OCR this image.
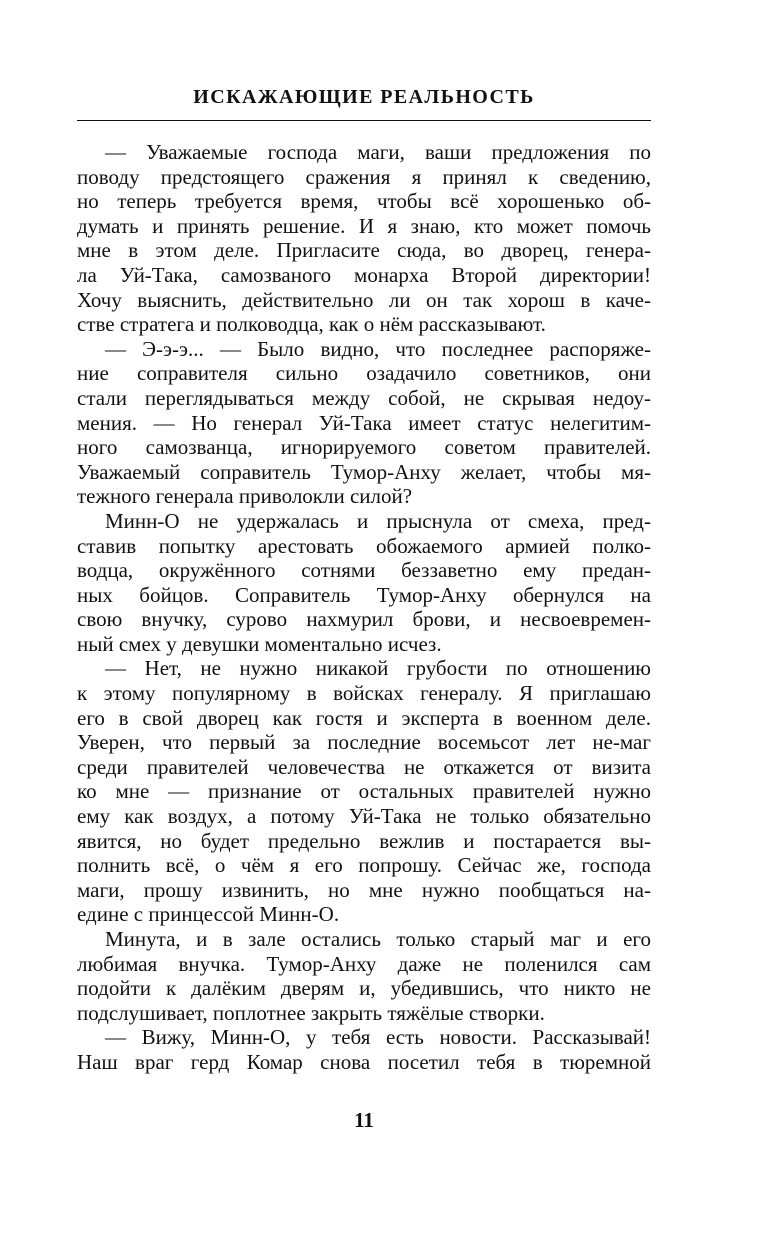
ИСКАЖАЮЩИЕ РЕАЛЬНОСТЬ
— Уважаемые господа маги, ваши предложения по
поводу предстоящего сражения я принял к сведению,
но теперь требуется время, чтобы всё хорошенько об-
думать и принять решение. И я знаю, кто может помочь
мне в этом деле. Пригласите сюда, во дворец, генера-
ла Уй-Така, самозваного монарха Второй директории!
Хочу выяснить, действительно ли он так хорош в каче-
стве стратега и полководца, как о нём рассказывают.
— Э-э-э... — Было видно, что последнее распоряже-
ние соправителя сильно озадачило советников, они
стали переглядываться между собой, не скрывая недоу-
мения. — Но генерал Уй-Така имеет статус нелегитим-
ного самозванца, игнорируемого советом правителей.
Уважаемый соправитель Тумор-Анху желает, чтобы мя-
тежного генерала приволокли силой?
Минн-О не удержалась и прыснула от смеха, пред-
ставив попытку арестовать обожаемого армией полко-
водца, окружённого сотнями беззаветно ему предан-
ных бойцов. Соправитель Тумор-Анху обернулся на
свою внучку, сурово нахмурил брови, и несвоевремен-
ный смех у девушки моментально исчез.
— Нет, не нужно никакой грубости по отношению
к этому популярному в войсках генералу. Я приглашаю
его в свой дворец как гостя и эксперта в военном деле.
Уверен, что первый за последние восемьсот лет не-маг
среди правителей человечества не откажется от визита
ко мне — признание от остальных правителей нужно
ему как воздух, а потому Уй-Така не только обязательно
явится, но будет предельно вежлив и постарается вы-
полнить всё, о чём я его попрошу. Сейчас же, господа
маги, прошу извинить, но мне нужно пообщаться на-
едине с принцессой Минн-О.
Минута, и в зале остались только старый маг и его
любимая внучка. Тумор-Анху даже не поленился сам
подойти к далёким дверям и, убедившись, что никто не
подслушивает, поплотнее закрыть тяжёлые створки.
— Вижу, Минн-О, у тебя есть новости. Рассказывай!
Наш враг герд Комар снова посетил тебя в тюремной
11
